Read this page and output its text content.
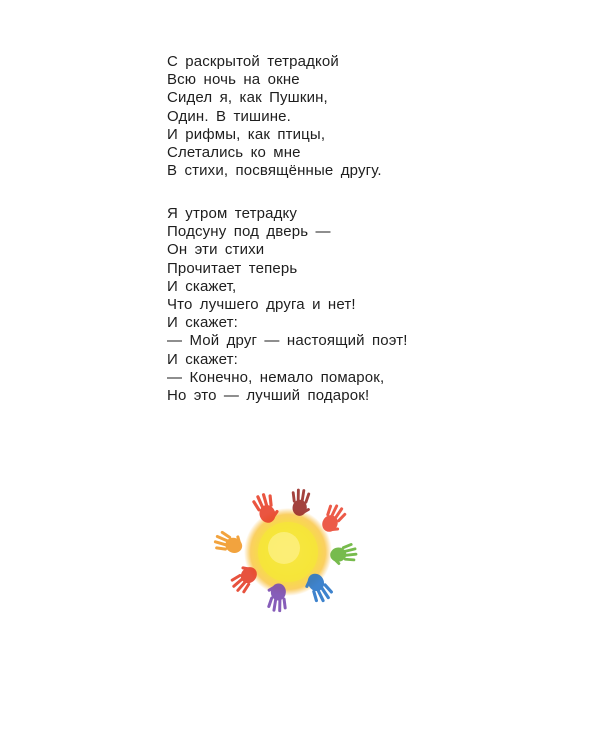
С раскрытой тетрадкой
Всю ночь на окне
Сидел я, как Пушкин,
Один. В тишине.
И рифмы, как птицы,
Слетались ко мне
В стихи, посвящённые другу.
Я утром тетрадку
Подсуну под дверь —
Он эти стихи
Прочитает теперь
И скажет,
Что лучшего друга и нет!
И скажет:
— Мой друг — настоящий поэт!
И скажет:
— Конечно, немало помарок,
Но это — лучший подарок!
